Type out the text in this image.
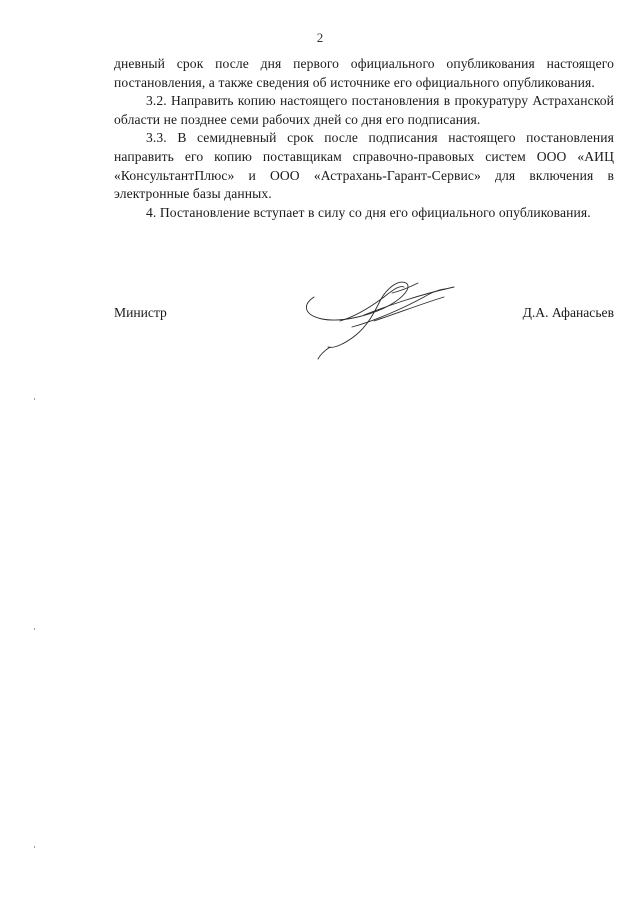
2

дневный срок после дня первого официального опубликования настоящего постановления, а также сведения об источнике его официального опубликования.

3.2. Направить копию настоящего постановления в прокуратуру Астраханской области не позднее семи рабочих дней со дня его подписания.

3.3. В семидневный срок после подписания настоящего постановления направить его копию поставщикам справочно-правовых систем ООО «АИЦ «КонсультантПлюс» и ООО «Астрахань-Гарант-Сервис» для включения в электронные базы данных.

4. Постановление вступает в силу со дня его официального опубликования.

Министр	Д.А. Афанасьев
